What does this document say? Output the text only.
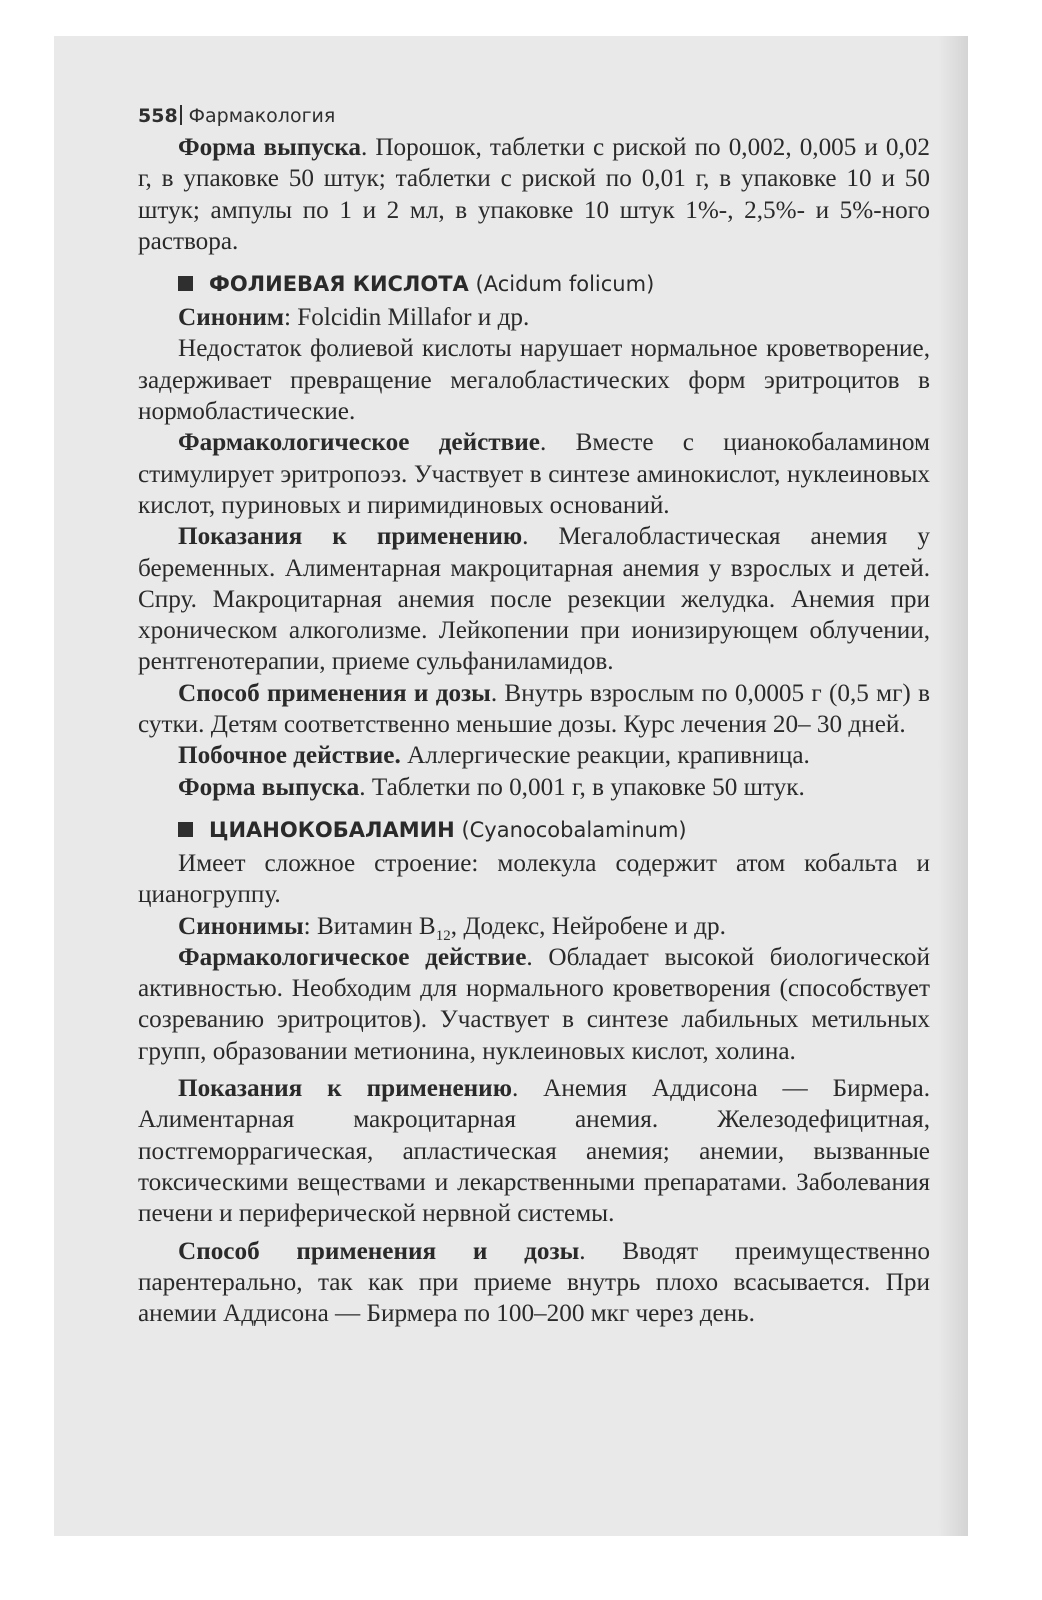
558 Фармакология

Форма выпуска. Порошок, таблетки с риской по 0,002, 0,005 и 0,02 г, в упаковке 50 штук; таблетки с риской по 0,01 г, в упаковке 10 и 50 штук; ампулы по 1 и 2 мл, в упаковке 10 штук 1%-, 2,5%- и 5%-ного раствора.

ФОЛИЕВАЯ КИСЛОТА (Acidum folicum)

Синоним: Folcidin Millafor и др.

Недостаток фолиевой кислоты нарушает нормальное кроветворение, задерживает превращение мегалобластических форм эритроцитов в нормобластические.

Фармакологическое действие. Вместе с цианокобаламином стимулирует эритропоэз. Участвует в синтезе аминокислот, нуклеиновых кислот, пуриновых и пиримидиновых оснований.

Показания к применению. Мегалобластическая анемия у беременных. Алиментарная макроцитарная анемия у взрослых и детей. Спру. Макроцитарная анемия после резекции желудка. Анемия при хроническом алкоголизме. Лейкопении при ионизирующем облучении, рентгенотерапии, приеме сульфаниламидов.

Способ применения и дозы. Внутрь взрослым по 0,0005 г (0,5 мг) в сутки. Детям соответственно меньшие дозы. Курс лечения 20– 30 дней.

Побочное действие. Аллергические реакции, крапивница.

Форма выпуска. Таблетки по 0,001 г, в упаковке 50 штук.

ЦИАНОКОБАЛАМИН (Cyanocobalaminum)

Имеет сложное строение: молекула содержит атом кобальта и цианогруппу.

Синонимы: Витамин $B_{12}$, Додекс, Нейробене и др.

Фармакологическое действие. Обладает высокой биологической активностью. Необходим для нормального кроветворения (способствует созреванию эритроцитов). Участвует в синтезе лабильных метильных групп, образовании метионина, нуклеиновых кислот, холина.

Показания к применению. Анемия Аддисона — Бирмера. Алиментарная макроцитарная анемия. Железодефицитная, постгеморрагическая, апластическая анемия; анемии, вызванные токсическими веществами и лекарственными препаратами. Заболевания печени и периферической нервной системы.

Способ применения и дозы. Вводят преимущественно парентерально, так как при приеме внутрь плохо всасывается. При анемии Аддисона — Бирмера по 100–200 мкг через день.
